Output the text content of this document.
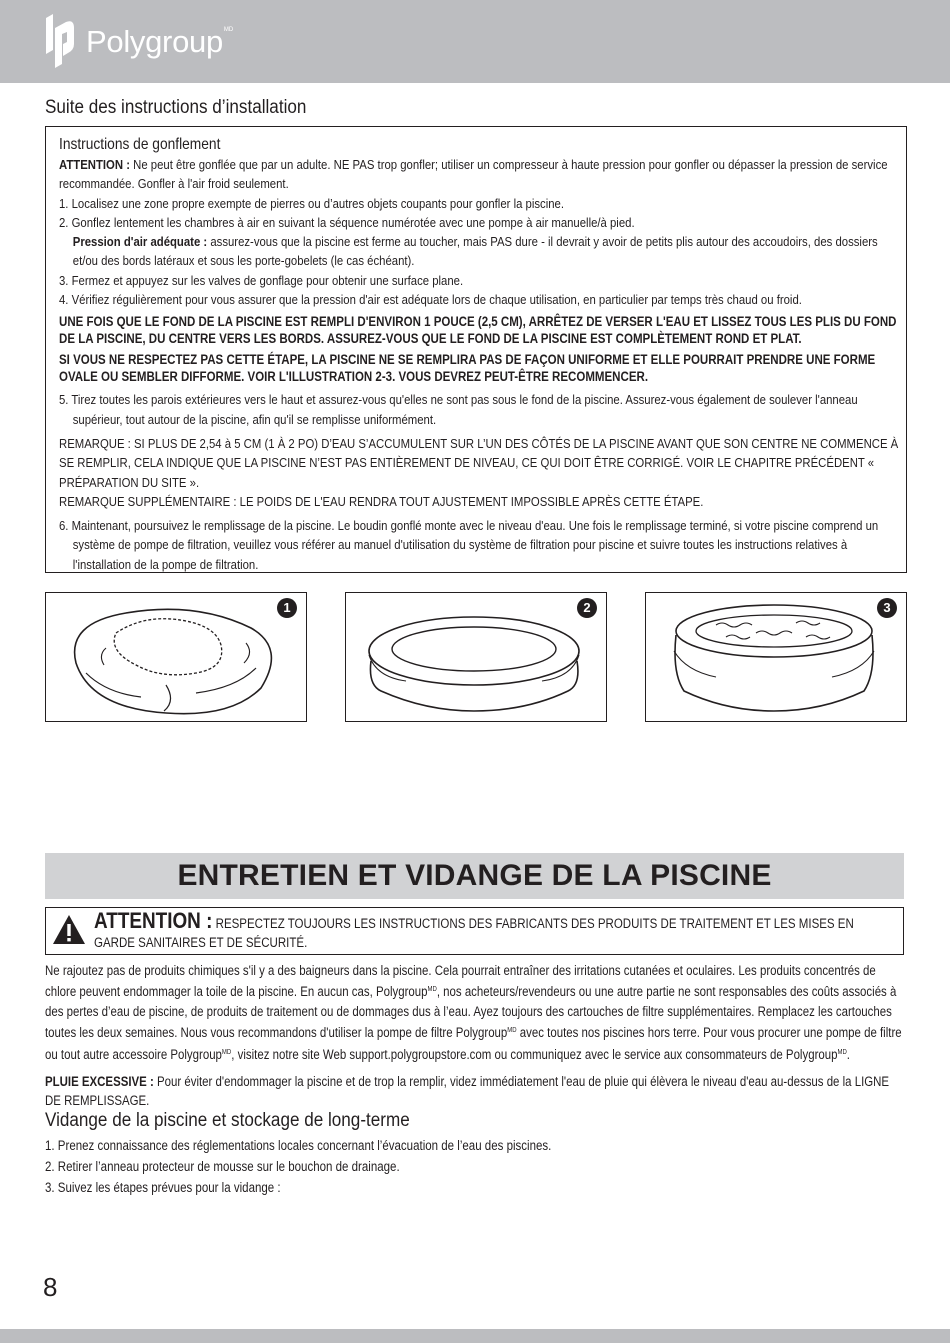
Polygroup MD
Suite des instructions d’installation

Instructions de gonflement

ATTENTION : Ne peut être gonflée que par un adulte. NE PAS trop gonfler; utiliser un compresseur à haute pression pour gonfler ou dépasser la pression de service recommandée. Gonfler à l'air froid seulement.

1. Localisez une zone propre exempte de pierres ou d’autres objets coupants pour gonfler la piscine.

2. Gonflez lentement les chambres à air en suivant la séquence numérotée avec une pompe à air manuelle/à pied.

Pression d'air adéquate : assurez-vous que la piscine est ferme au toucher, mais PAS dure - il devrait y avoir de petits plis autour des accoudoirs, des dossiers et/ou des bords latéraux et sous les porte-gobelets (le cas échéant).

3. Fermez et appuyez sur les valves de gonflage pour obtenir une surface plane.

4. Vérifiez régulièrement pour vous assurer que la pression d'air est adéquate lors de chaque utilisation, en particulier par temps très chaud ou froid.

UNE FOIS QUE LE FOND DE LA PISCINE EST REMPLI D'ENVIRON 1 POUCE (2,5 CM), ARRÊTEZ DE VERSER L'EAU ET LISSEZ TOUS LES PLIS DU FOND DE LA PISCINE, DU CENTRE VERS LES BORDS. ASSUREZ-VOUS QUE LE FOND DE LA PISCINE EST COMPLÈTEMENT ROND ET PLAT.

SI VOUS NE RESPECTEZ PAS CETTE ÉTAPE, LA PISCINE NE SE REMPLIRA PAS DE FAÇON UNIFORME ET ELLE POURRAIT PRENDRE UNE FORME OVALE OU SEMBLER DIFFORME. VOIR L'ILLUSTRATION 2-3. VOUS DEVREZ PEUT-ÊTRE RECOMMENCER.

5. Tirez toutes les parois extérieures vers le haut et assurez-vous qu'elles ne sont pas sous le fond de la piscine. Assurez-vous également de soulever l'anneau supérieur, tout autour de la piscine, afin qu'il se remplisse uniformément.

REMARQUE : SI PLUS DE 2,54 à 5 CM (1 À 2 PO) D’EAU S’ACCUMULENT SUR L’UN DES CÔTÉS DE LA PISCINE AVANT QUE SON CENTRE NE COMMENCE À SE REMPLIR, CELA INDIQUE QUE LA PISCINE N’EST PAS ENTIÈREMENT DE NIVEAU, CE QUI DOIT ÊTRE CORRIGÉ. VOIR LE CHAPITRE PRÉCÉDENT « PRÉPARATION DU SITE ».

REMARQUE SUPPLÉMENTAIRE : LE POIDS DE L'EAU RENDRA TOUT AJUSTEMENT IMPOSSIBLE APRÈS CETTE ÉTAPE.

6. Maintenant, poursuivez le remplissage de la piscine. Le boudin gonflé monte avec le niveau d'eau. Une fois le remplissage terminé, si votre piscine comprend un système de pompe de filtration, veuillez vous référer au manuel d'utilisation du système de filtration pour piscine et suivre toutes les instructions relatives à l'installation de la pompe de filtration.

1	2	3
ENTRETIEN ET VIDANGE DE LA PISCINE
ATTENTION : RESPECTEZ TOUJOURS LES INSTRUCTIONS DES FABRICANTS DES PRODUITS DE TRAITEMENT ET LES MISES EN GARDE SANITAIRES ET DE SÉCURITÉ.

Ne rajoutez pas de produits chimiques s'il y a des baigneurs dans la piscine. Cela pourrait entraîner des irritations cutanées et oculaires. Les produits concentrés de chlore peuvent endommager la toile de la piscine. En aucun cas, Polygroup$^{MD}$, nos acheteurs/revendeurs ou une autre partie ne sont responsables des coûts associés à des pertes d’eau de piscine, de produits de traitement ou de dommages dus à l’eau. Ayez toujours des cartouches de filtre supplémentaires. Remplacez les cartouches toutes les deux semaines. Nous vous recommandons d'utiliser la pompe de filtre Polygroup$^{MD}$ avec toutes nos piscines hors terre. Pour vous procurer une pompe de filtre ou tout autre accessoire Polygroup$^{MD}$, visitez notre site Web support.polygroupstore.com ou communiquez avec le service aux consommateurs de Polygroup$^{MD}$.

PLUIE EXCESSIVE : Pour éviter d'endommager la piscine et de trop la remplir, videz immédiatement l'eau de pluie qui élèvera le niveau d'eau au-dessus de la LIGNE DE REMPLISSAGE.

Vidange de la piscine et stockage de long-terme

1. Prenez connaissance des réglementations locales concernant l’évacuation de l’eau des piscines.

2. Retirer l’anneau protecteur de mousse sur le bouchon de drainage.

3. Suivez les étapes prévues pour la vidange :

8
